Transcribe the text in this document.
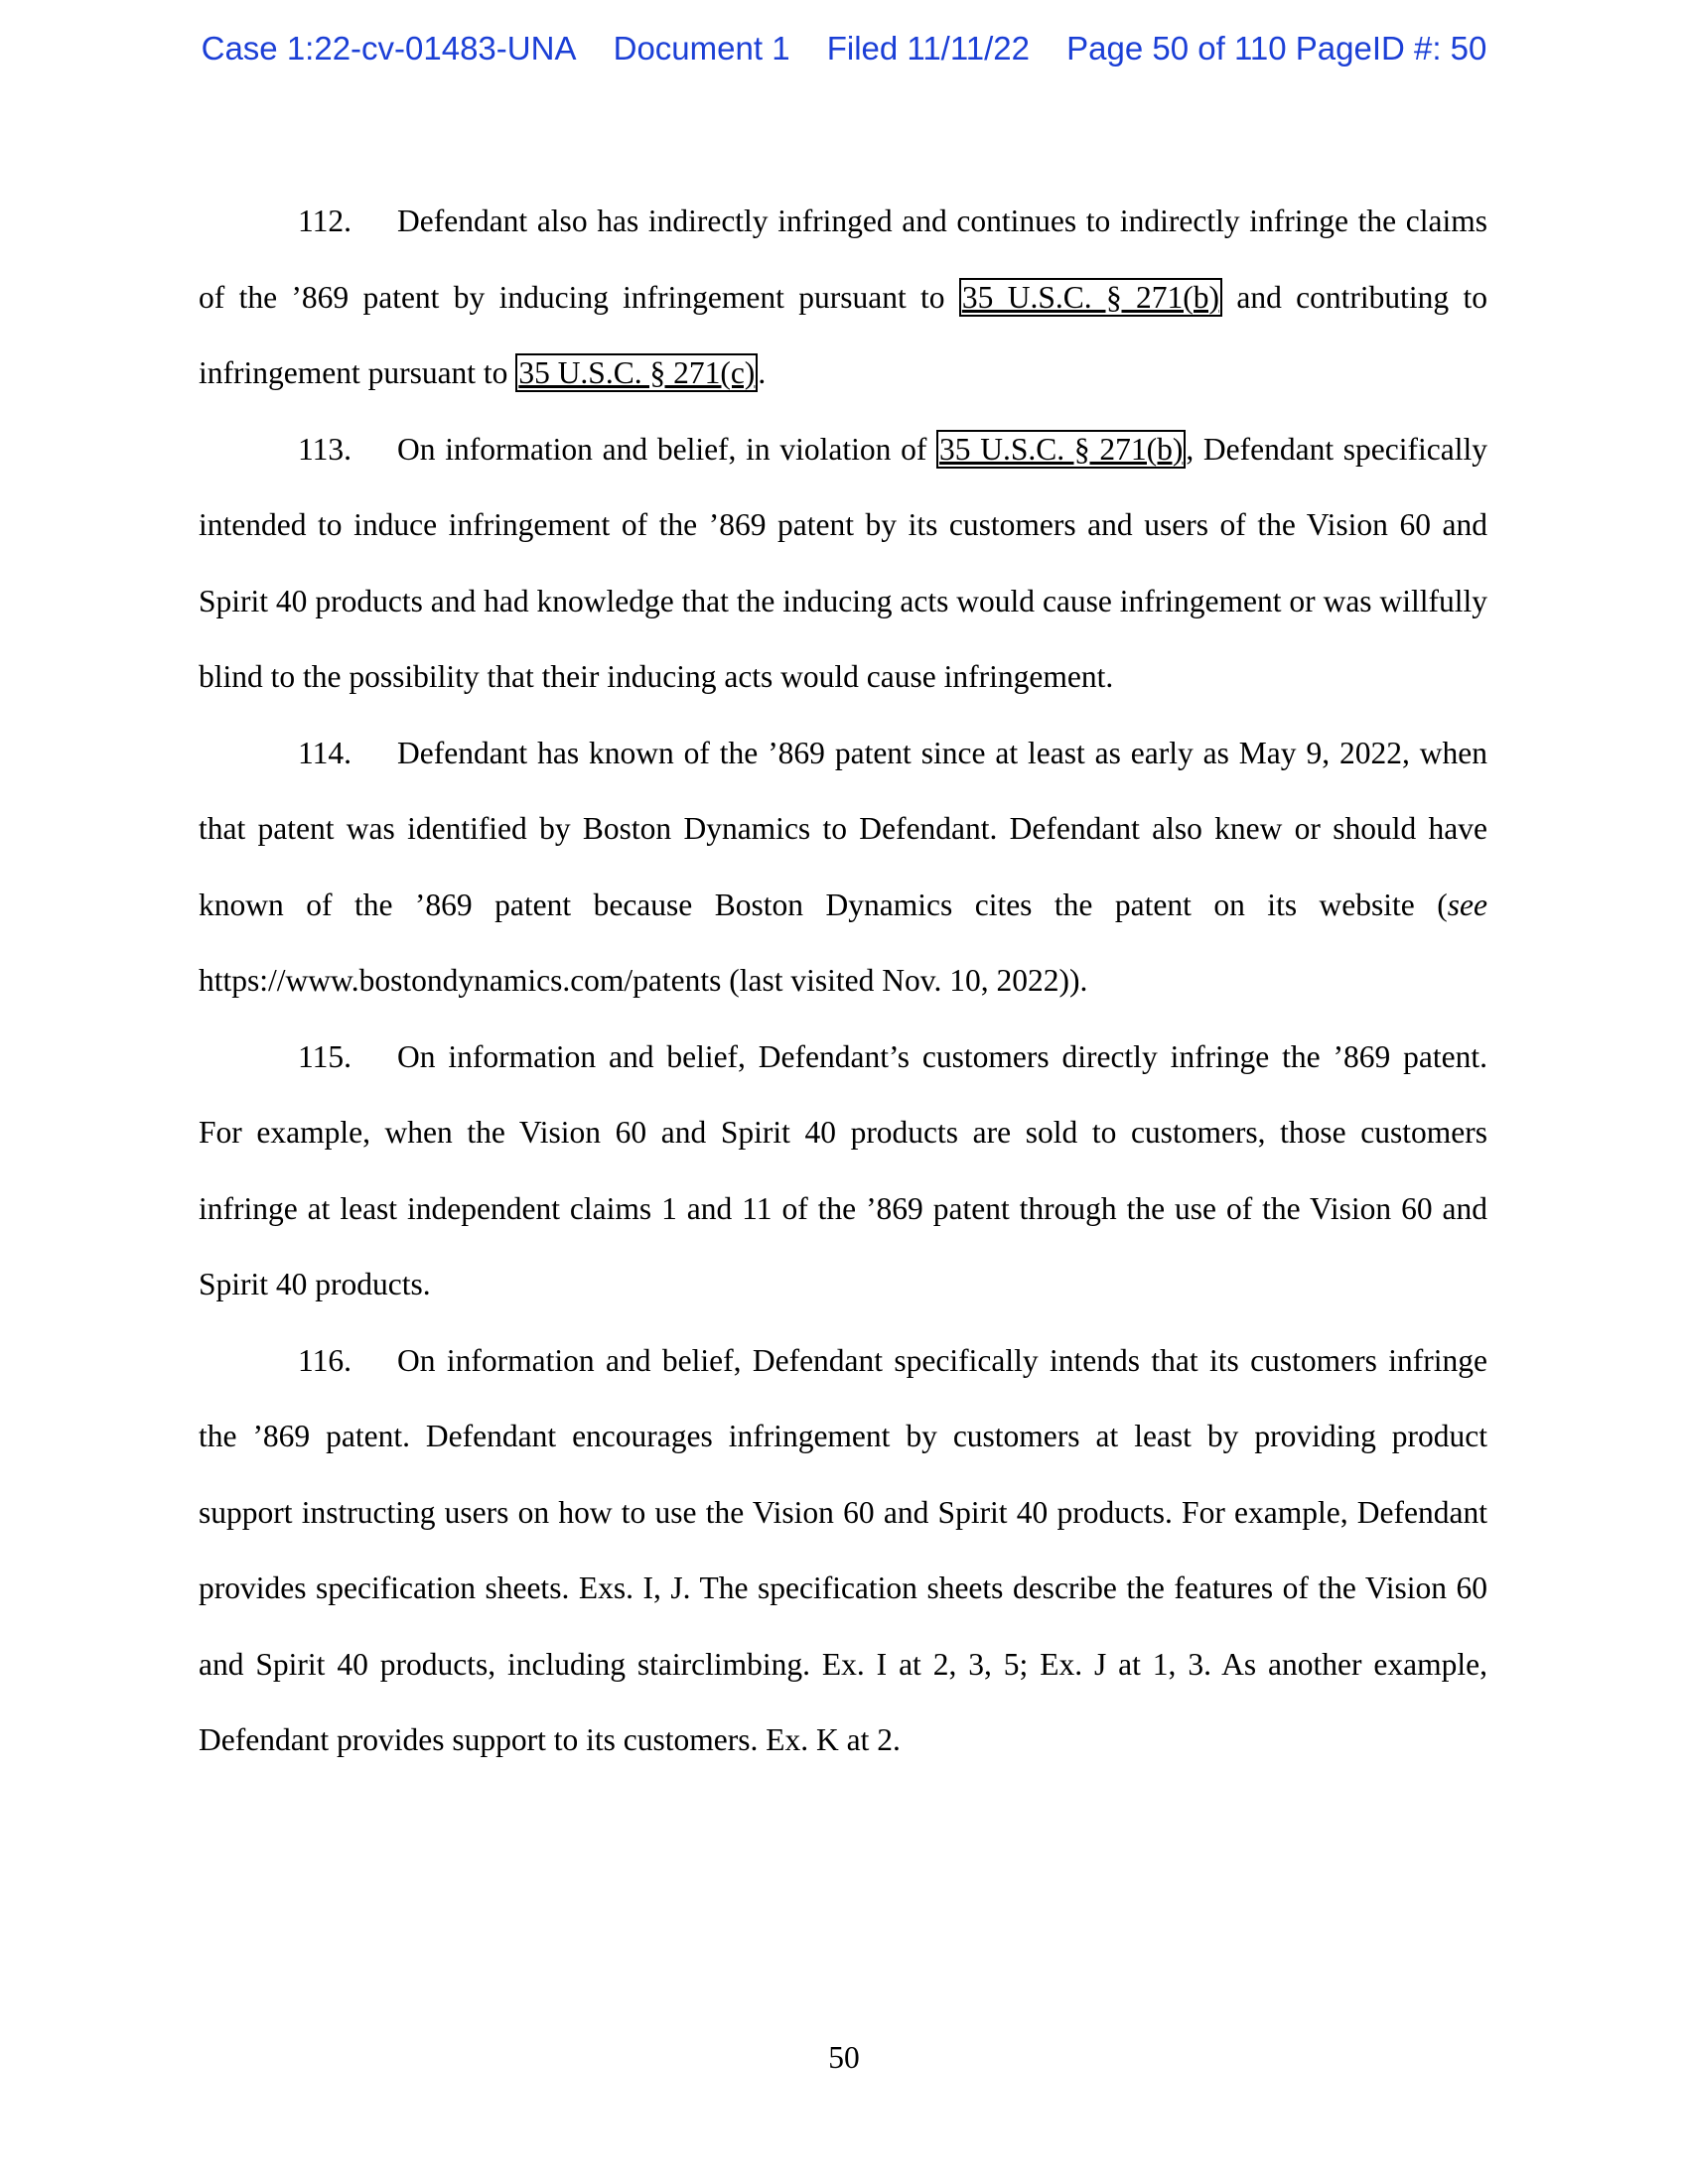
Case 1:22-cv-01483-UNA Document 1 Filed 11/11/22 Page 50 of 110 PageID #: 50

112. Defendant also has indirectly infringed and continues to indirectly infringe the claims of the ’869 patent by inducing infringement pursuant to 35 U.S.C. § 271(b) and contributing to infringement pursuant to 35 U.S.C. § 271(c).

113. On information and belief, in violation of 35 U.S.C. § 271(b), Defendant specifically intended to induce infringement of the ’869 patent by its customers and users of the Vision 60 and Spirit 40 products and had knowledge that the inducing acts would cause infringement or was willfully blind to the possibility that their inducing acts would cause infringement.

114. Defendant has known of the ’869 patent since at least as early as May 9, 2022, when that patent was identified by Boston Dynamics to Defendant. Defendant also knew or should have known of the ’869 patent because Boston Dynamics cites the patent on its website (see https://www.bostondynamics.com/patents (last visited Nov. 10, 2022)).

115. On information and belief, Defendant’s customers directly infringe the ’869 patent. For example, when the Vision 60 and Spirit 40 products are sold to customers, those customers infringe at least independent claims 1 and 11 of the ’869 patent through the use of the Vision 60 and Spirit 40 products.

116. On information and belief, Defendant specifically intends that its customers infringe the ’869 patent. Defendant encourages infringement by customers at least by providing product support instructing users on how to use the Vision 60 and Spirit 40 products. For example, Defendant provides specification sheets. Exs. I, J. The specification sheets describe the features of the Vision 60 and Spirit 40 products, including stairclimbing. Ex. I at 2, 3, 5; Ex. J at 1, 3. As another example, Defendant provides support to its customers. Ex. K at 2.

50
